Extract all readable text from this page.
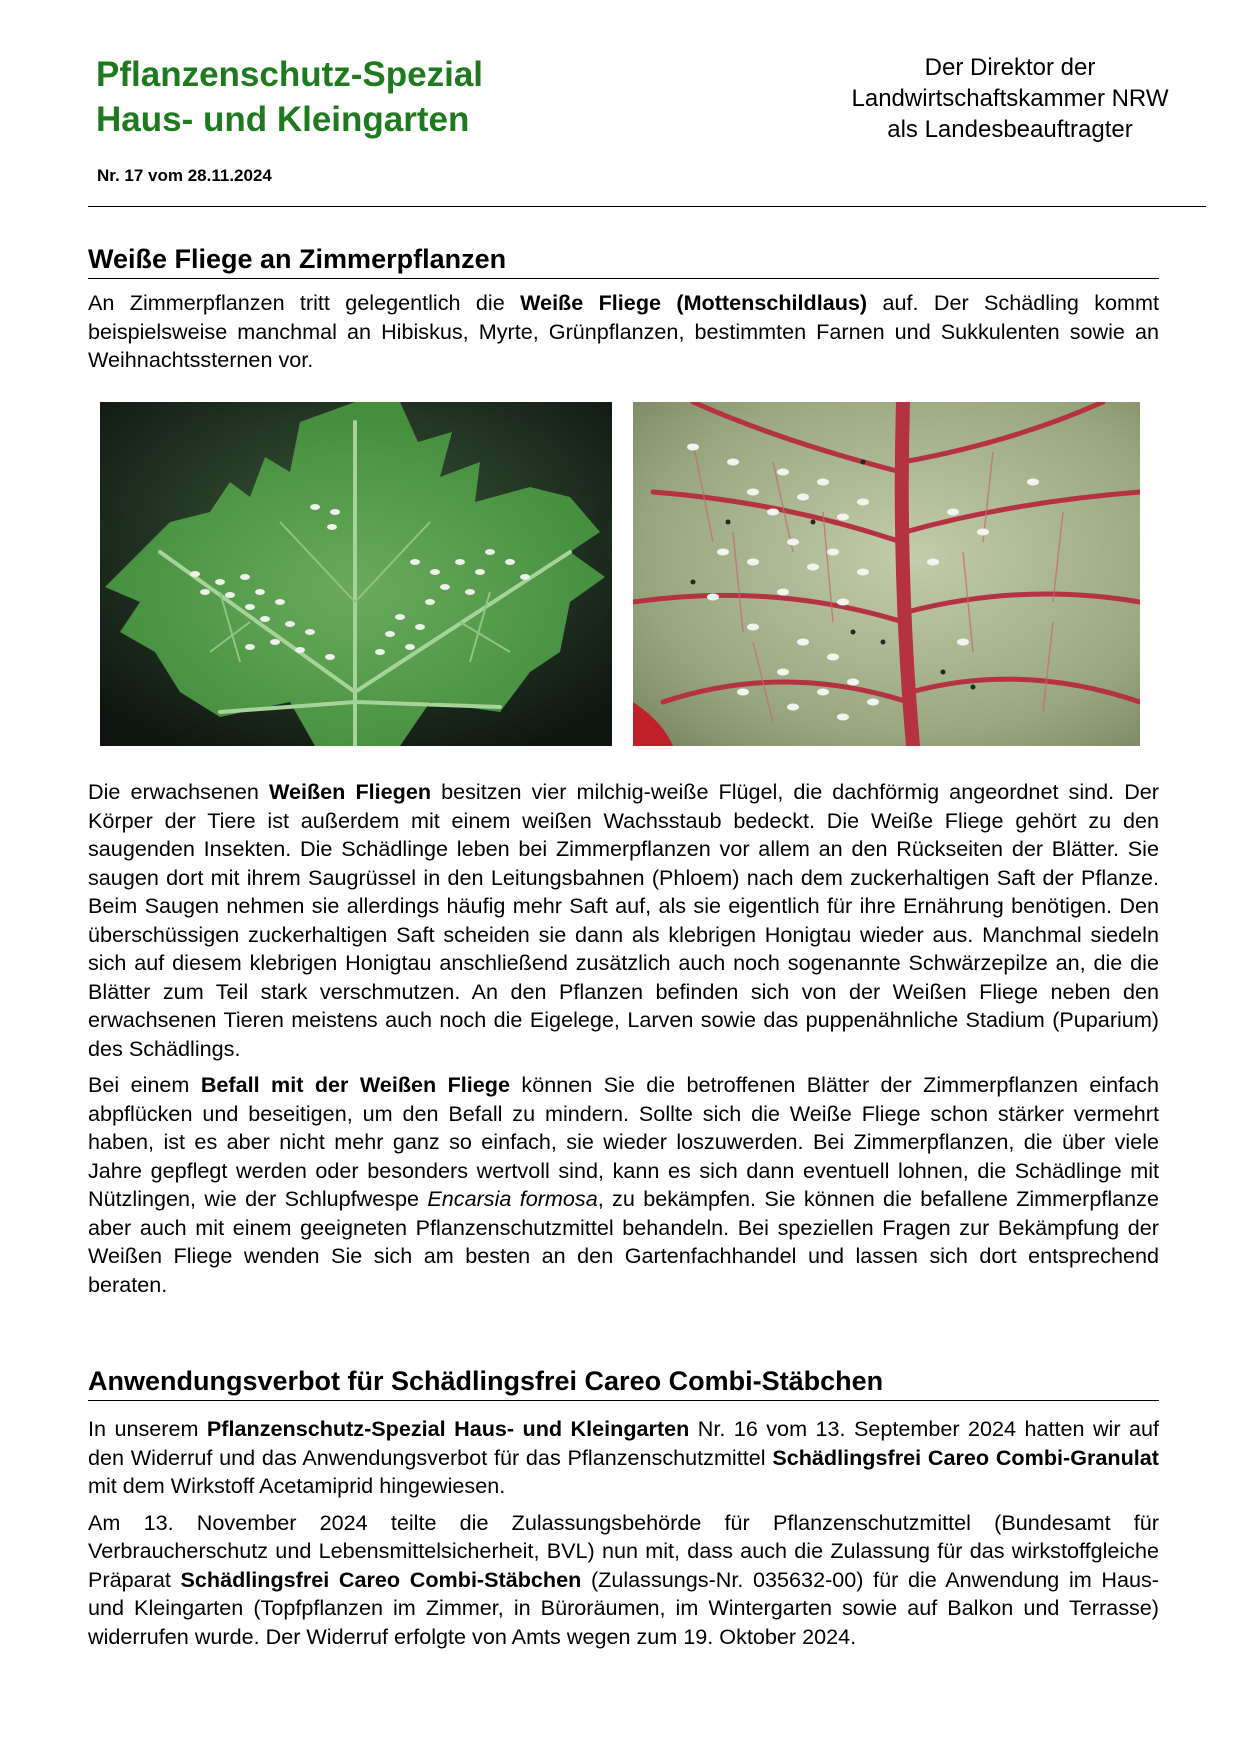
Pflanzenschutz-Spezial
Haus- und Kleingarten
Nr. 17 vom 28.11.2024
Der Direktor der
Landwirtschaftskammer NRW
als Landesbeauftragter
Weiße Fliege an Zimmerpflanzen

An Zimmerpflanzen tritt gelegentlich die Weiße Fliege (Mottenschildlaus) auf. Der Schädling kommt beispielsweise manchmal an Hibiskus, Myrte, Grünpflanzen, bestimmten Farnen und Sukkulenten sowie an Weihnachtssternen vor.

Die erwachsenen Weißen Fliegen besitzen vier milchig-weiße Flügel, die dachförmig angeordnet sind. Der Körper der Tiere ist außerdem mit einem weißen Wachsstaub bedeckt. Die Weiße Fliege gehört zu den saugenden Insekten. Die Schädlinge leben bei Zimmerpflanzen vor allem an den Rückseiten der Blätter. Sie saugen dort mit ihrem Saugrüssel in den Leitungsbahnen (Phloem) nach dem zuckerhaltigen Saft der Pflanze. Beim Saugen nehmen sie allerdings häufig mehr Saft auf, als sie eigentlich für ihre Ernährung benötigen. Den überschüssigen zuckerhaltigen Saft scheiden sie dann als klebrigen Honigtau wieder aus. Manchmal siedeln sich auf diesem klebrigen Honigtau anschließend zusätzlich auch noch sogenannte Schwärzepilze an, die die Blätter zum Teil stark verschmutzen. An den Pflanzen befinden sich von der Weißen Fliege neben den erwachsenen Tieren meistens auch noch die Eigelege, Larven sowie das puppenähnliche Stadium (Puparium) des Schädlings.

Bei einem Befall mit der Weißen Fliege können Sie die betroffenen Blätter der Zimmerpflanzen einfach abpflücken und beseitigen, um den Befall zu mindern. Sollte sich die Weiße Fliege schon stärker vermehrt haben, ist es aber nicht mehr ganz so einfach, sie wieder loszuwerden. Bei Zimmerpflanzen, die über viele Jahre gepflegt werden oder besonders wertvoll sind, kann es sich dann eventuell lohnen, die Schädlinge mit Nützlingen, wie der Schlupfwespe Encarsia formosa, zu bekämpfen. Sie können die befallene Zimmerpflanze aber auch mit einem geeigneten Pflanzenschutzmittel behandeln. Bei speziellen Fragen zur Bekämpfung der Weißen Fliege wenden Sie sich am besten an den Gartenfachhandel und lassen sich dort entsprechend beraten.

Anwendungsverbot für Schädlingsfrei Careo Combi-Stäbchen

In unserem Pflanzenschutz-Spezial Haus- und Kleingarten Nr. 16 vom 13. September 2024 hatten wir auf den Widerruf und das Anwendungsverbot für das Pflanzenschutzmittel Schädlingsfrei Careo Combi-Granulat mit dem Wirkstoff Acetamiprid hingewiesen.

Am 13. November 2024 teilte die Zulassungsbehörde für Pflanzenschutzmittel (Bundesamt für Verbraucherschutz und Lebensmittelsicherheit, BVL) nun mit, dass auch die Zulassung für das wirkstoffgleiche Präparat Schädlingsfrei Careo Combi-Stäbchen (Zulassungs-Nr. 035632-00) für die Anwendung im Haus- und Kleingarten (Topfpflanzen im Zimmer, in Büroräumen, im Wintergarten sowie auf Balkon und Terrasse) widerrufen wurde. Der Widerruf erfolgte von Amts wegen zum 19. Oktober 2024.
